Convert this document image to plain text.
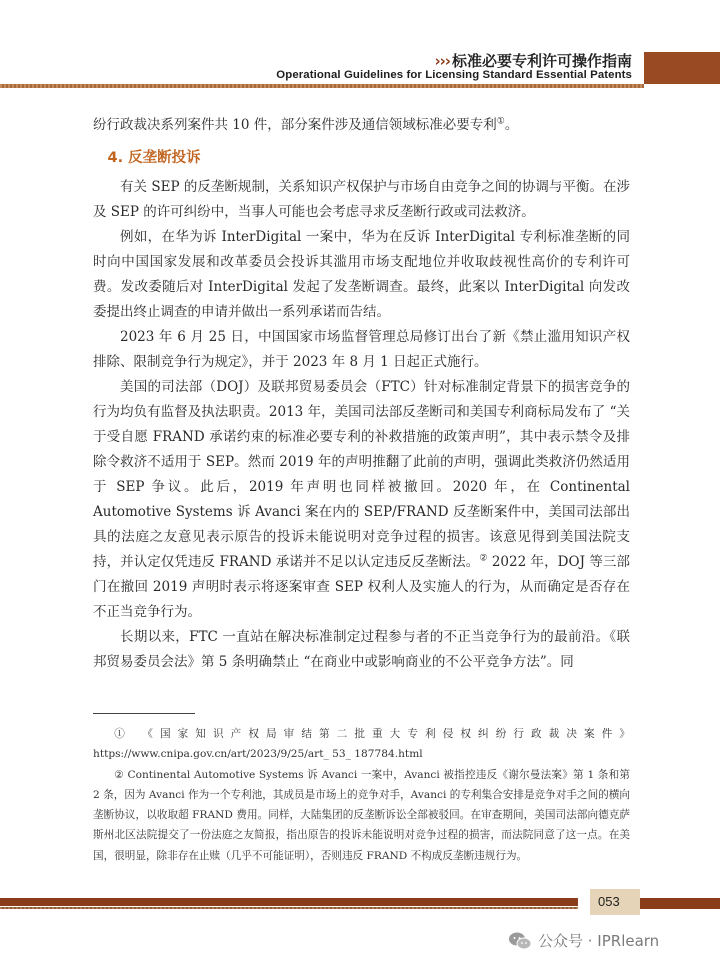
››› 标准必要专利许可操作指南
Operational Guidelines for Licensing Standard Essential Patents

纷行政裁决系列案件共 10 件，部分案件涉及通信领域标准必要专利①。

4. 反垄断投诉

有关 SEP 的反垄断规制，关系知识产权保护与市场自由竞争之间的协调与平衡。在涉及 SEP 的许可纠纷中，当事人可能也会考虑寻求反垄断行政或司法救济。

例如，在华为诉 InterDigital 一案中，华为在反诉 InterDigital 专利标准垄断的同时向中国国家发展和改革委员会投诉其滥用市场支配地位并收取歧视性高价的专利许可费。发改委随后对 InterDigital 发起了发垄断调查。最终，此案以 InterDigital 向发改委提出终止调查的申请并做出一系列承诺而告结。

2023 年 6 月 25 日，中国国家市场监督管理总局修订出台了新《禁止滥用知识产权排除、限制竞争行为规定》，并于 2023 年 8 月 1 日起正式施行。

美国的司法部（DOJ）及联邦贸易委员会（FTC）针对标准制定背景下的损害竞争的行为均负有监督及执法职责。2013 年，美国司法部反垄断司和美国专利商标局发布了 “关于受自愿 FRAND 承诺约束的标准必要专利的补救措施的政策声明”，其中表示禁令及排除令救济不适用于 SEP。然而 2019 年的声明推翻了此前的声明，强调此类救济仍然适用于 SEP 争议。此后，2019 年声明也同样被撤回。2020 年，在 Continental Automotive Systems 诉 Avanci 案在内的 SEP/FRAND 反垄断案件中，美国司法部出具的法庭之友意见表示原告的投诉未能说明对竞争过程的损害。该意见得到美国法院支持，并认定仅凭违反 FRAND 承诺并不足以认定违反反垄断法。② 2022 年，DOJ 等三部门在撤回 2019 声明时表示将逐案审查 SEP 权利人及实施人的行为，从而确定是否存在不正当竞争行为。

长期以来，FTC 一直站在解决标准制定过程参与者的不正当竞争行为的最前沿。《联邦贸易委员会法》第 5 条明确禁止 “在商业中或影响商业的不公平竞争方法”。同

① 《国家知识产权局审结第二批重大专利侵权纠纷行政裁决案件》 https://www.cnipa.gov.cn/art/2023/9/25/art_ 53_ 187784.html

② Continental Automotive Systems 诉 Avanci 一案中，Avanci 被指控违反《谢尔曼法案》第 1 条和第 2 条，因为 Avanci 作为一个专利池，其成员是市场上的竞争对手，Avanci 的专利集合安排是竞争对手之间的横向垄断协议，以收取超 FRAND 费用。同样，大陆集团的反垄断诉讼全部被驳回。在审查期间，美国司法部向德克萨斯州北区法院提交了一份法庭之友简报，指出原告的投诉未能说明对竞争过程的损害，而法院同意了这一点。在美国，很明显，除非存在止赎（几乎不可能证明），否则违反 FRAND 不构成反垄断违规行为。

053
公众号 · IPRlearn
